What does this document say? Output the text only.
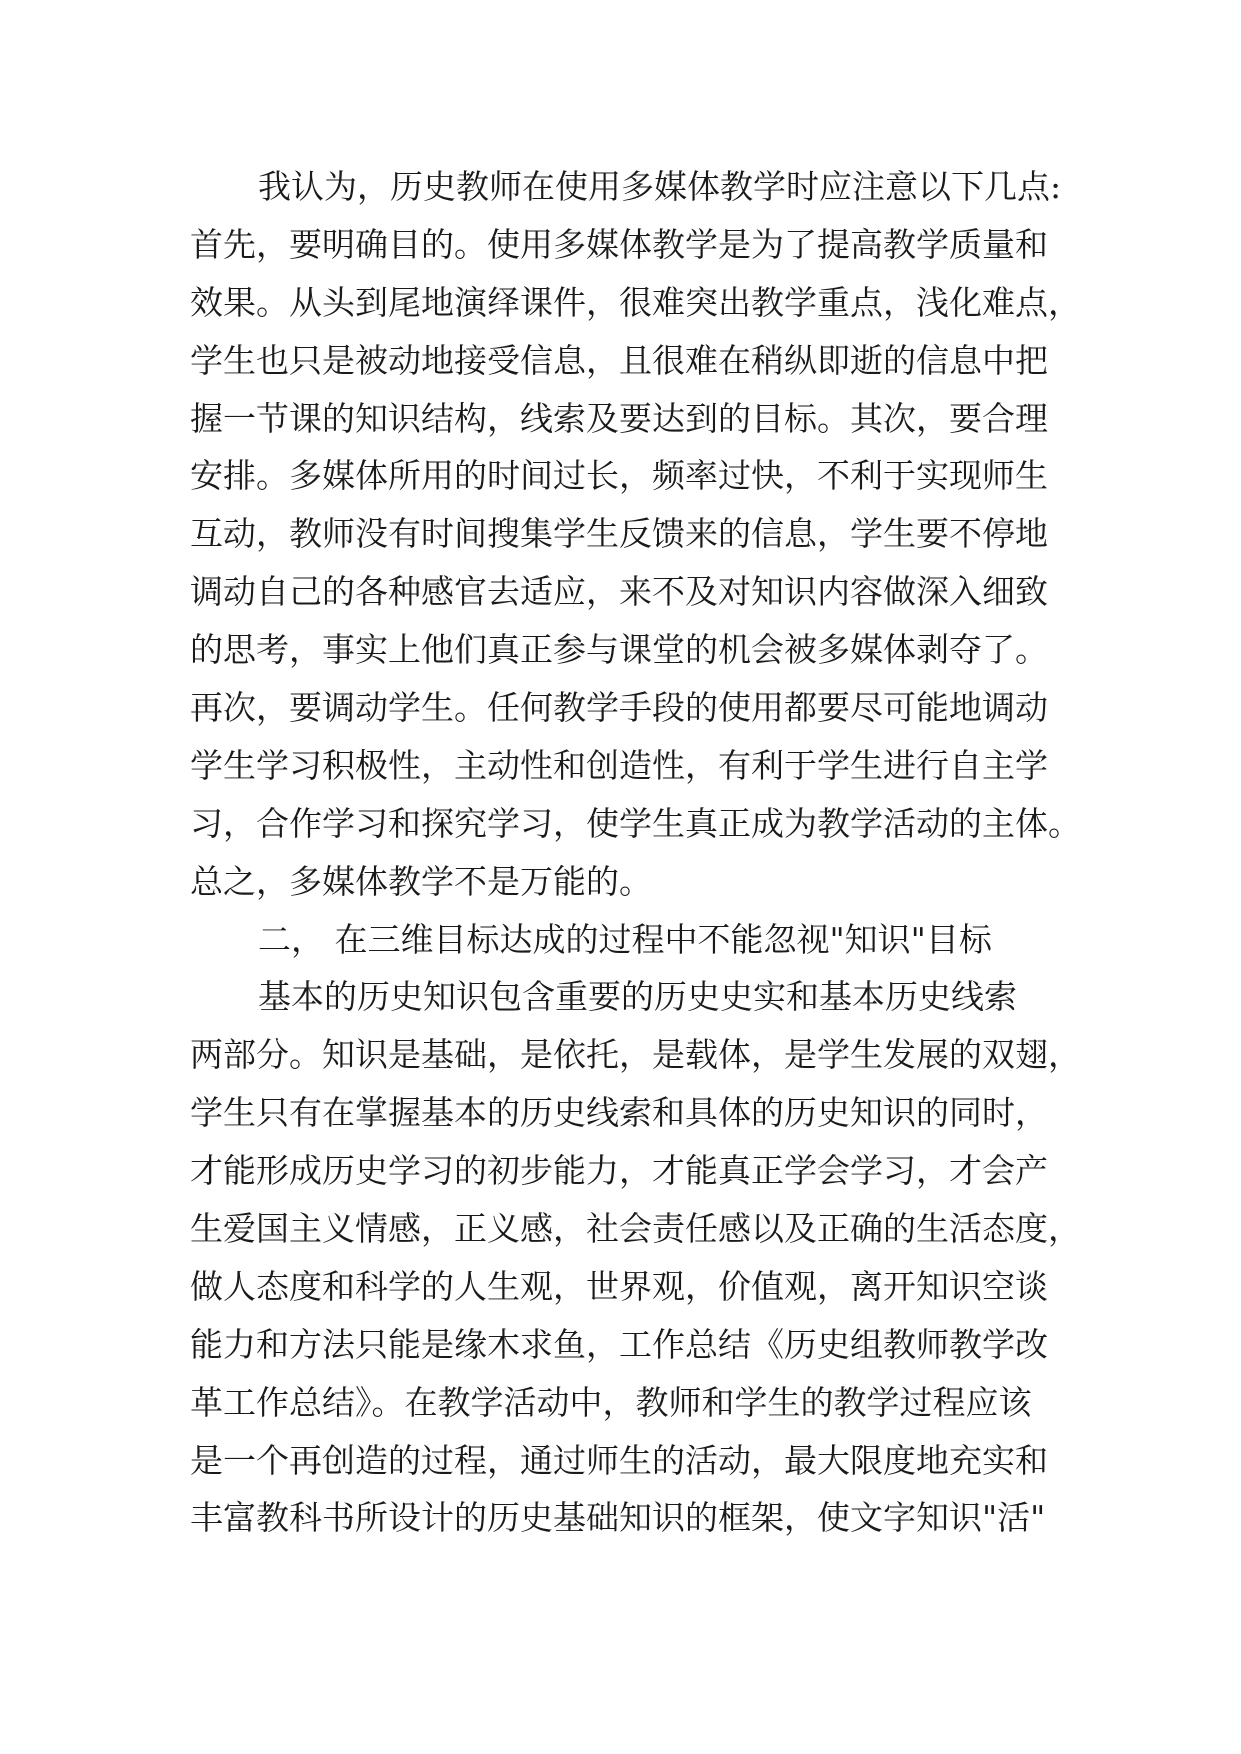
我认为，历史教师在使用多媒体教学时应注意以下几点:
首先，要明确目的。使用多媒体教学是为了提高教学质量和
效果。从头到尾地演绎课件，很难突出教学重点，浅化难点，
学生也只是被动地接受信息，且很难在稍纵即逝的信息中把
握一节课的知识结构，线索及要达到的目标。其次，要合理
安排。多媒体所用的时间过长，频率过快，不利于实现师生
互动，教师没有时间搜集学生反馈来的信息，学生要不停地
调动自己的各种感官去适应，来不及对知识内容做深入细致
的思考，事实上他们真正参与课堂的机会被多媒体剥夺了。
再次，要调动学生。任何教学手段的使用都要尽可能地调动
学生学习积极性，主动性和创造性，有利于学生进行自主学
习，合作学习和探究学习，使学生真正成为教学活动的主体。
总之，多媒体教学不是万能的。
二， 在三维目标达成的过程中不能忽视"知识"目标
基本的历史知识包含重要的历史史实和基本历史线索
两部分。知识是基础，是依托，是载体，是学生发展的双翅，
学生只有在掌握基本的历史线索和具体的历史知识的同时，
才能形成历史学习的初步能力，才能真正学会学习，才会产
生爱国主义情感，正义感，社会责任感以及正确的生活态度，
做人态度和科学的人生观，世界观，价值观，离开知识空谈
能力和方法只能是缘木求鱼，工作总结《历史组教师教学改
革工作总结》。在教学活动中，教师和学生的教学过程应该
是一个再创造的过程，通过师生的活动，最大限度地充实和
丰富教科书所设计的历史基础知识的框架，使文字知识"活"
